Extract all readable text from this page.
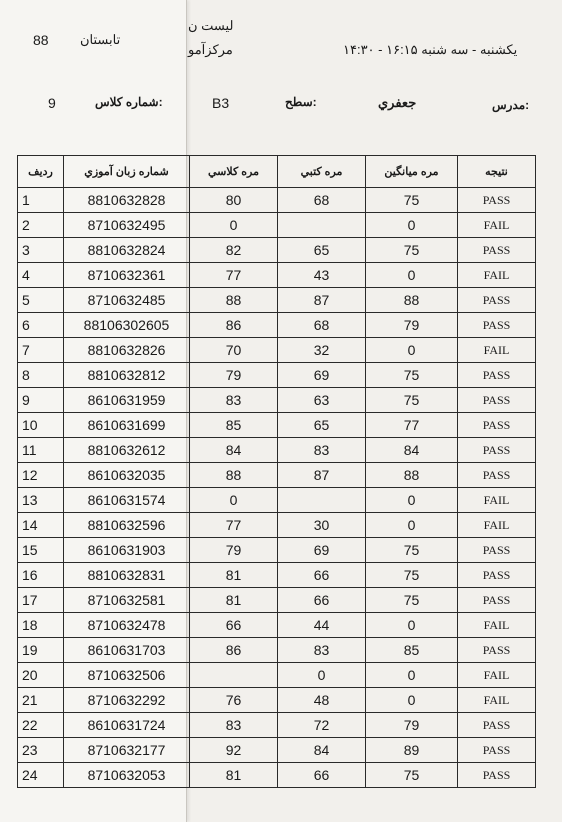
88 تابستان
ليست ن
مركزآمو	يكشنبه - سه شنبه ۱۶:۱۵ - ۱۴:۳۰
9	شماره كلاس:	B3	سطح:	جعفري	مدرس:
رديف	شماره زبان آموزي	مره كلاسي	مره كتبي	مره ميانگين	نتيجه
1	8810632828	80	68	75	PASS
2	8710632495	0		0	FAIL
3	8810632824	82	65	75	PASS
4	8710632361	77	43	0	FAIL
5	8710632485	88	87	88	PASS
6	88106302605	86	68	79	PASS
7	8810632826	70	32	0	FAIL
8	8810632812	79	69	75	PASS
9	8610631959	83	63	75	PASS
10	8610631699	85	65	77	PASS
11	8810632612	84	83	84	PASS
12	8610632035	88	87	88	PASS
13	8610631574	0		0	FAIL
14	8810632596	77	30	0	FAIL
15	8610631903	79	69	75	PASS
16	8810632831	81	66	75	PASS
17	8710632581	81	66	75	PASS
18	8710632478	66	44	0	FAIL
19	8610631703	86	83	85	PASS
20	8710632506		0	0	FAIL
21	8710632292	76	48	0	FAIL
22	8610631724	83	72	79	PASS
23	8710632177	92	84	89	PASS
24	8710632053	81	66	75	PASS
